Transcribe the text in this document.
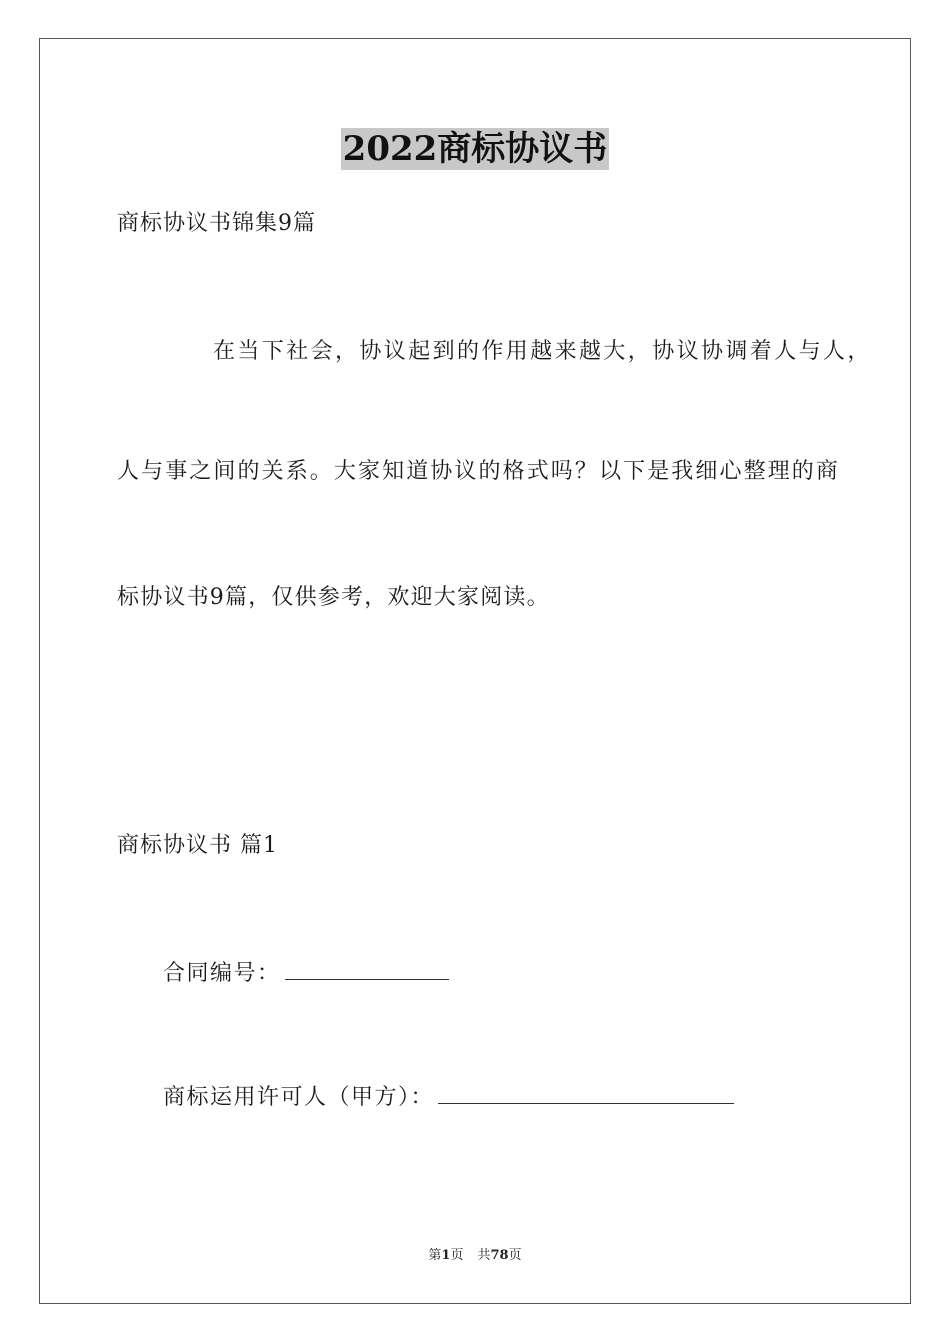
2022商标协议书
商标协议书锦集9篇
在当下社会，协议起到的作用越来越大，协议协调着人与人，
人与事之间的关系。大家知道协议的格式吗？以下是我细心整理的商
标协议书9篇，仅供参考，欢迎大家阅读。
商标协议书 篇1
合同编号：
商标运用许可人（甲方）：
第1页 共78页
